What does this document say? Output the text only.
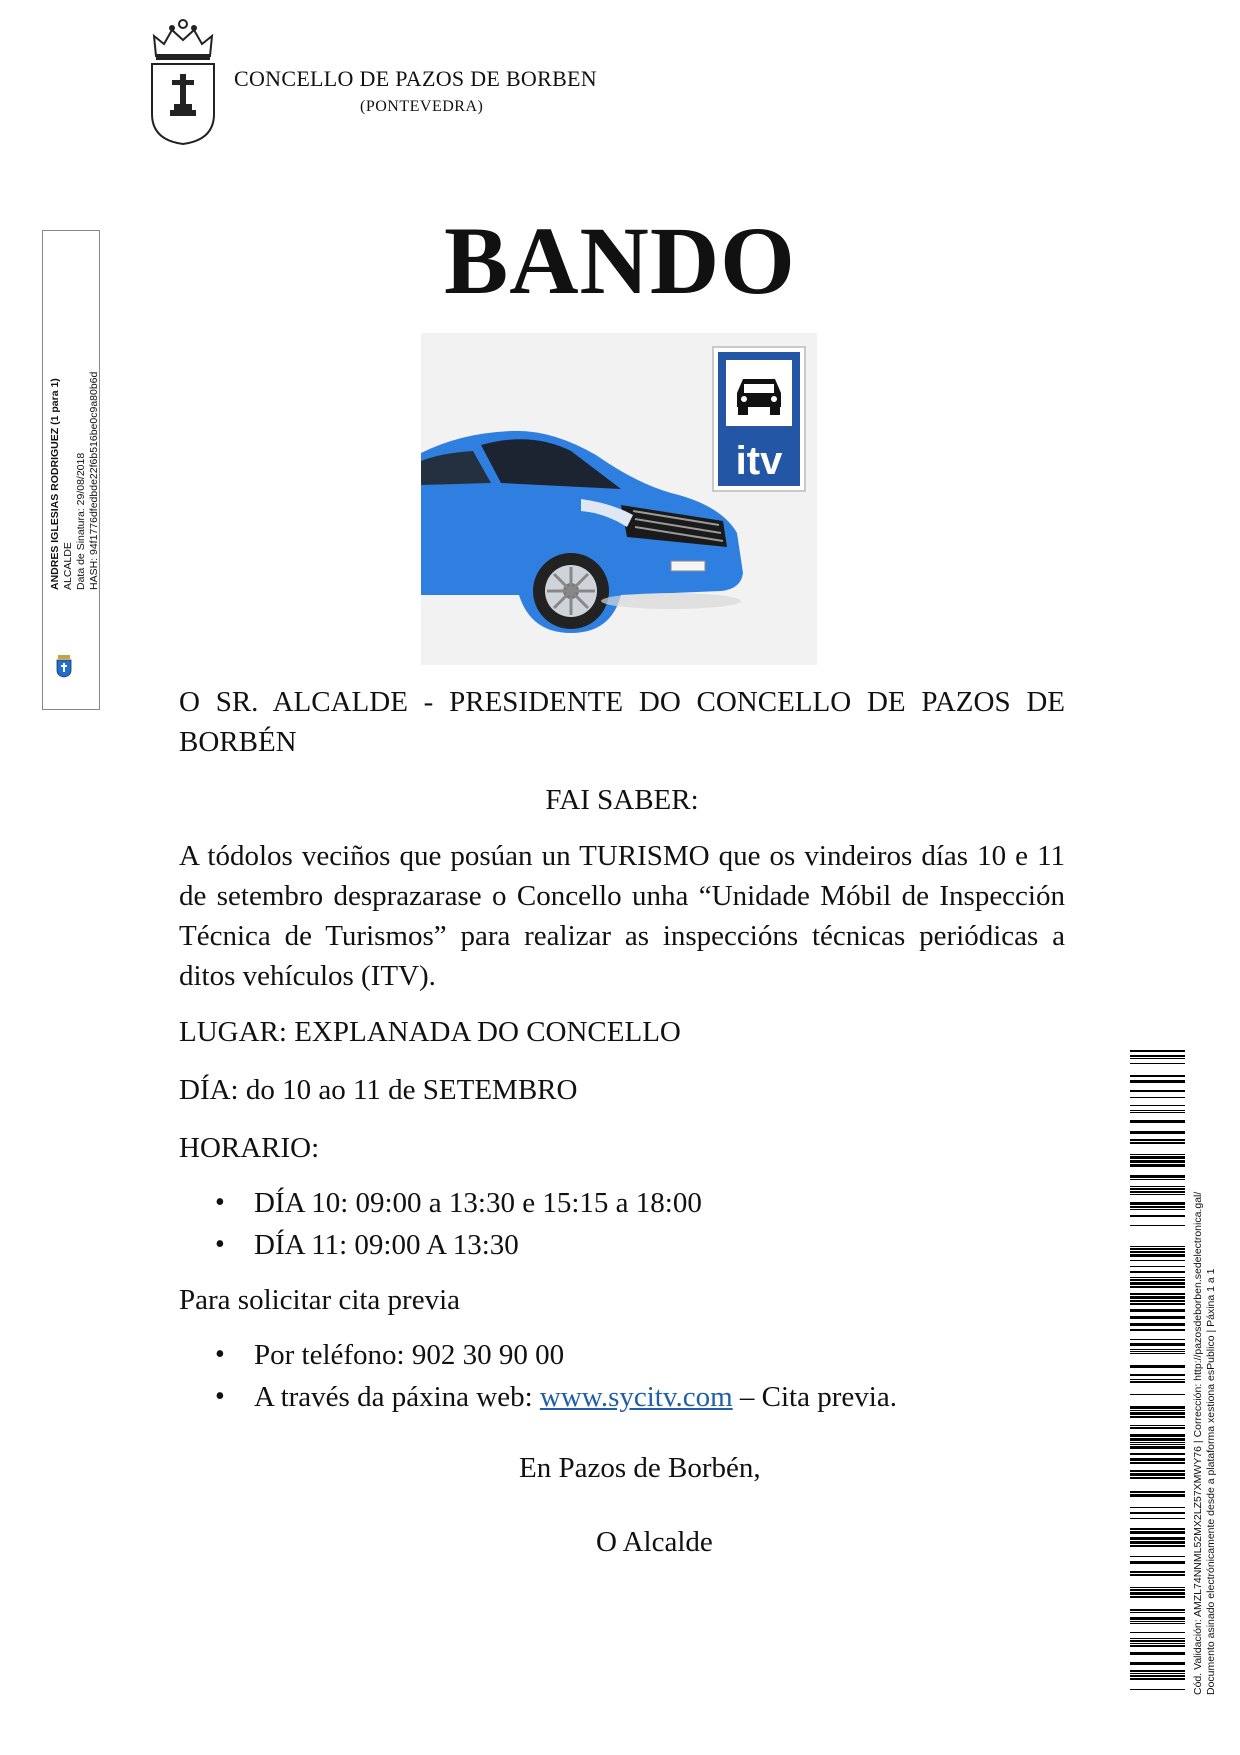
CONCELLO DE PAZOS DE BORBEN
(PONTEVEDRA)
ANDRES IGLESIAS RODRIGUEZ (1 para 1) ALCALDE Data de Sinatura: 29/08/2018 HASH: 94f1776dfedbde22f6b516be0c9a80b6d
BANDO
itv

O SR. ALCALDE - PRESIDENTE DO CONCELLO DE PAZOS DE BORBÉN

FAI SABER:

A tódolos veciños que posúan un TURISMO que os vindeiros días 10 e 11 de setembro desprazarase o Concello unha “Unidade Móbil de Inspección Técnica de Turismos” para realizar as inspeccións técnicas periódicas a ditos vehículos (ITV).

LUGAR: EXPLANADA DO CONCELLO

DÍA: do 10 ao 11 de SETEMBRO

HORARIO:

• DÍA 10: 09:00 a 13:30 e 15:15 a 18:00
• DÍA 11: 09:00 A 13:30

Para solicitar cita previa

• Por teléfono: 902 30 90 00
• A través da páxina web: www.sycitv.com – Cita previa.

En Pazos de Borbén,

O Alcalde	Cód. Validación: AMZL74NNML52MX2LZ57XMWY76 | Corrección: http://pazosdeborben.sedelectronica.gal/ Documento asinado electrónicamente desde a plataforma xestiona esPublico | Páxina 1 a 1
